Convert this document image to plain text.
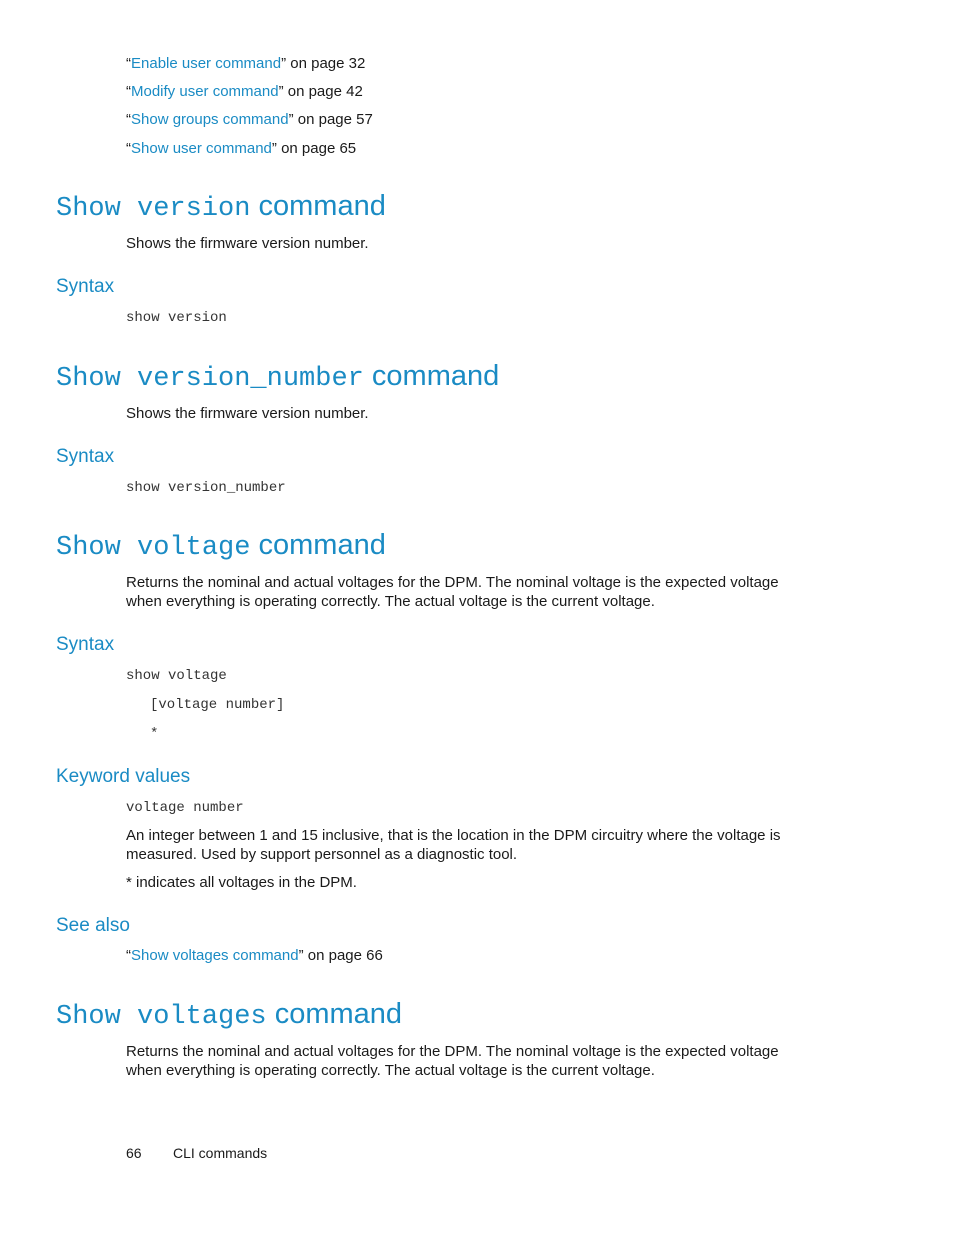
“Enable user command” on page 32
“Modify user command” on page 42
“Show groups command” on page 57
“Show user command” on page 65
Show version command
Shows the firmware version number.
Syntax
show version
Show version_number command
Shows the firmware version number.
Syntax
show version_number
Show voltage command
Returns the nominal and actual voltages for the DPM. The nominal voltage is the expected voltage when everything is operating correctly. The actual voltage is the current voltage.
Syntax
show voltage
[voltage number]
*
Keyword values
voltage number
An integer between 1 and 15 inclusive, that is the location in the DPM circuitry where the voltage is measured. Used by support personnel as a diagnostic tool.
* indicates all voltages in the DPM.
See also
“Show voltages command” on page 66
Show voltages command
Returns the nominal and actual voltages for the DPM. The nominal voltage is the expected voltage when everything is operating correctly. The actual voltage is the current voltage.
66 CLI commands
